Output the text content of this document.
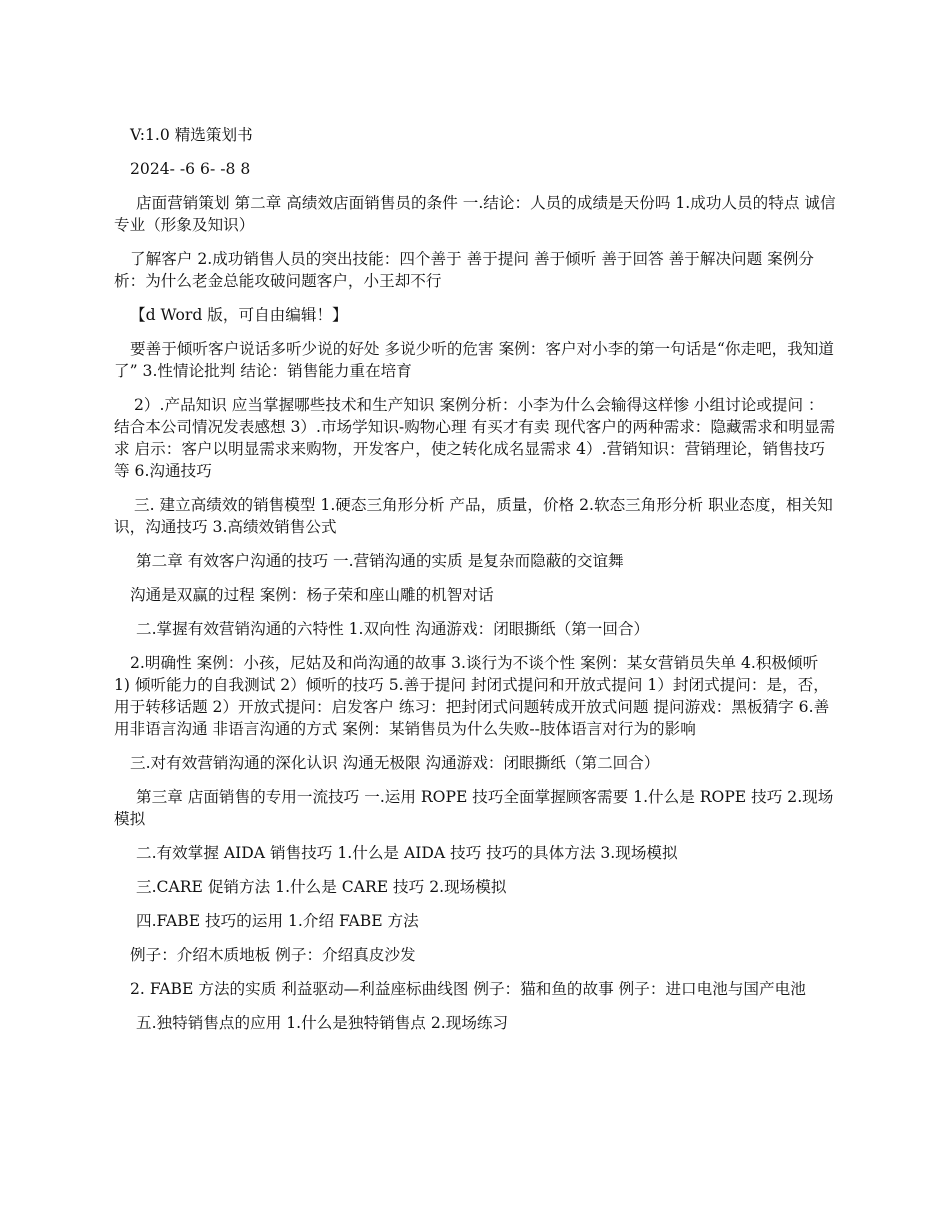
V:1.0 精选策划书

2024- -6 6- -8 8

店面营销策划 第二章 高绩效店面销售员的条件 一.结论：人员的成绩是天份吗 1.成功人员的特点 诚信 专业（形象及知识）

了解客户 2.成功销售人员的突出技能：四个善于 善于提问 善于倾听 善于回答 善于解决问题 案例分析：为什么老金总能攻破问题客户，小王却不行

【d Word 版，可自由编辑！】

要善于倾听客户说话多听少说的好处 多说少听的危害 案例：客户对小李的第一句话是“你走吧，我知道了” 3.性情论批判 结论：销售能力重在培育

2）.产品知识 应当掌握哪些技术和生产知识 案例分析：小李为什么会输得这样惨 小组讨论或提问 ：结合本公司情况发表感想 3）.市场学知识-购物心理 有买才有卖 现代客户的两种需求：隐藏需求和明显需求 启示：客户以明显需求来购物，开发客户，使之转化成名显需求 4）.营销知识：营销理论，销售技巧等 6.沟通技巧

三. 建立高绩效的销售模型 1.硬态三角形分析 产品，质量，价格 2.软态三角形分析 职业态度，相关知识，沟通技巧 3.高绩效销售公式

第二章 有效客户沟通的技巧 一.营销沟通的实质 是复杂而隐蔽的交谊舞

沟通是双赢的过程 案例：杨子荣和座山雕的机智对话

二.掌握有效营销沟通的六特性 1.双向性 沟通游戏：闭眼撕纸（第一回合）

2.明确性 案例：小孩，尼姑及和尚沟通的故事 3.谈行为不谈个性 案例：某女营销员失单 4.积极倾听 1) 倾听能力的自我测试 2）倾听的技巧 5.善于提问 封闭式提问和开放式提问 1）封闭式提问：是，否，用于转移话题 2）开放式提问：启发客户 练习：把封闭式问题转成开放式问题 提问游戏：黑板猜字 6.善用非语言沟通 非语言沟通的方式 案例：某销售员为什么失败--肢体语言对行为的影响

三.对有效营销沟通的深化认识 沟通无极限 沟通游戏：闭眼撕纸（第二回合）

第三章 店面销售的专用一流技巧 一.运用 ROPE 技巧全面掌握顾客需要 1.什么是 ROPE 技巧 2.现场模拟

二.有效掌握 AIDA 销售技巧 1.什么是 AIDA 技巧 技巧的具体方法 3.现场模拟

三.CARE 促销方法 1.什么是 CARE 技巧 2.现场模拟

四.FABE 技巧的运用 1.介绍 FABE 方法

例子：介绍木质地板 例子：介绍真皮沙发

2. FABE 方法的实质 利益驱动—利益座标曲线图 例子：猫和鱼的故事 例子：进口电池与国产电池

五.独特销售点的应用 1.什么是独特销售点 2.现场练习
